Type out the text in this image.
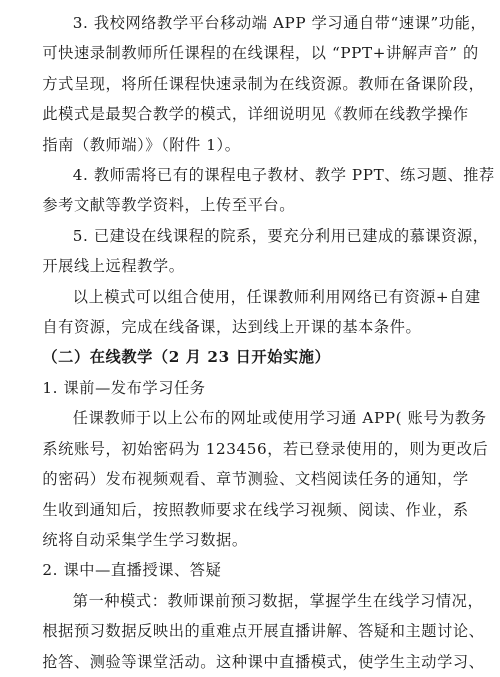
3. 我校网络教学平台移动端 APP 学习通自带“速课”功能，
可快速录制教师所任课程的在线课程，以 “PPT+讲解声音” 的
方式呈现，将所任课程快速录制为在线资源。教师在备课阶段，
此模式是最契合教学的模式，详细说明见《教师在线教学操作
指南（教师端）》（附件 1）。

4. 教师需将已有的课程电子教材、教学 PPT、练习题、推荐
参考文献等教学资料，上传至平台。

5. 已建设在线课程的院系，要充分利用已建成的慕课资源，
开展线上远程教学。

以上模式可以组合使用，任课教师利用网络已有资源+自建
自有资源，完成在线备课，达到线上开课的基本条件。

（二）在线教学（2 月 23 日开始实施）
1. 课前—发布学习任务

任课教师于以上公布的网址或使用学习通 APP( 账号为教务
系统账号，初始密码为 123456，若已登录使用的，则为更改后
的密码）发布视频观看、章节测验、文档阅读任务的通知，学
生收到通知后，按照教师要求在线学习视频、阅读、作业，系
统将自动采集学生学习数据。

2. 课中—直播授课、答疑

第一种模式：教师课前预习数据，掌握学生在线学习情况，
根据预习数据反映出的重难点开展直播讲解、答疑和主题讨论、
抢答、测验等课堂活动。这种课中直播模式，使学生主动学习、
